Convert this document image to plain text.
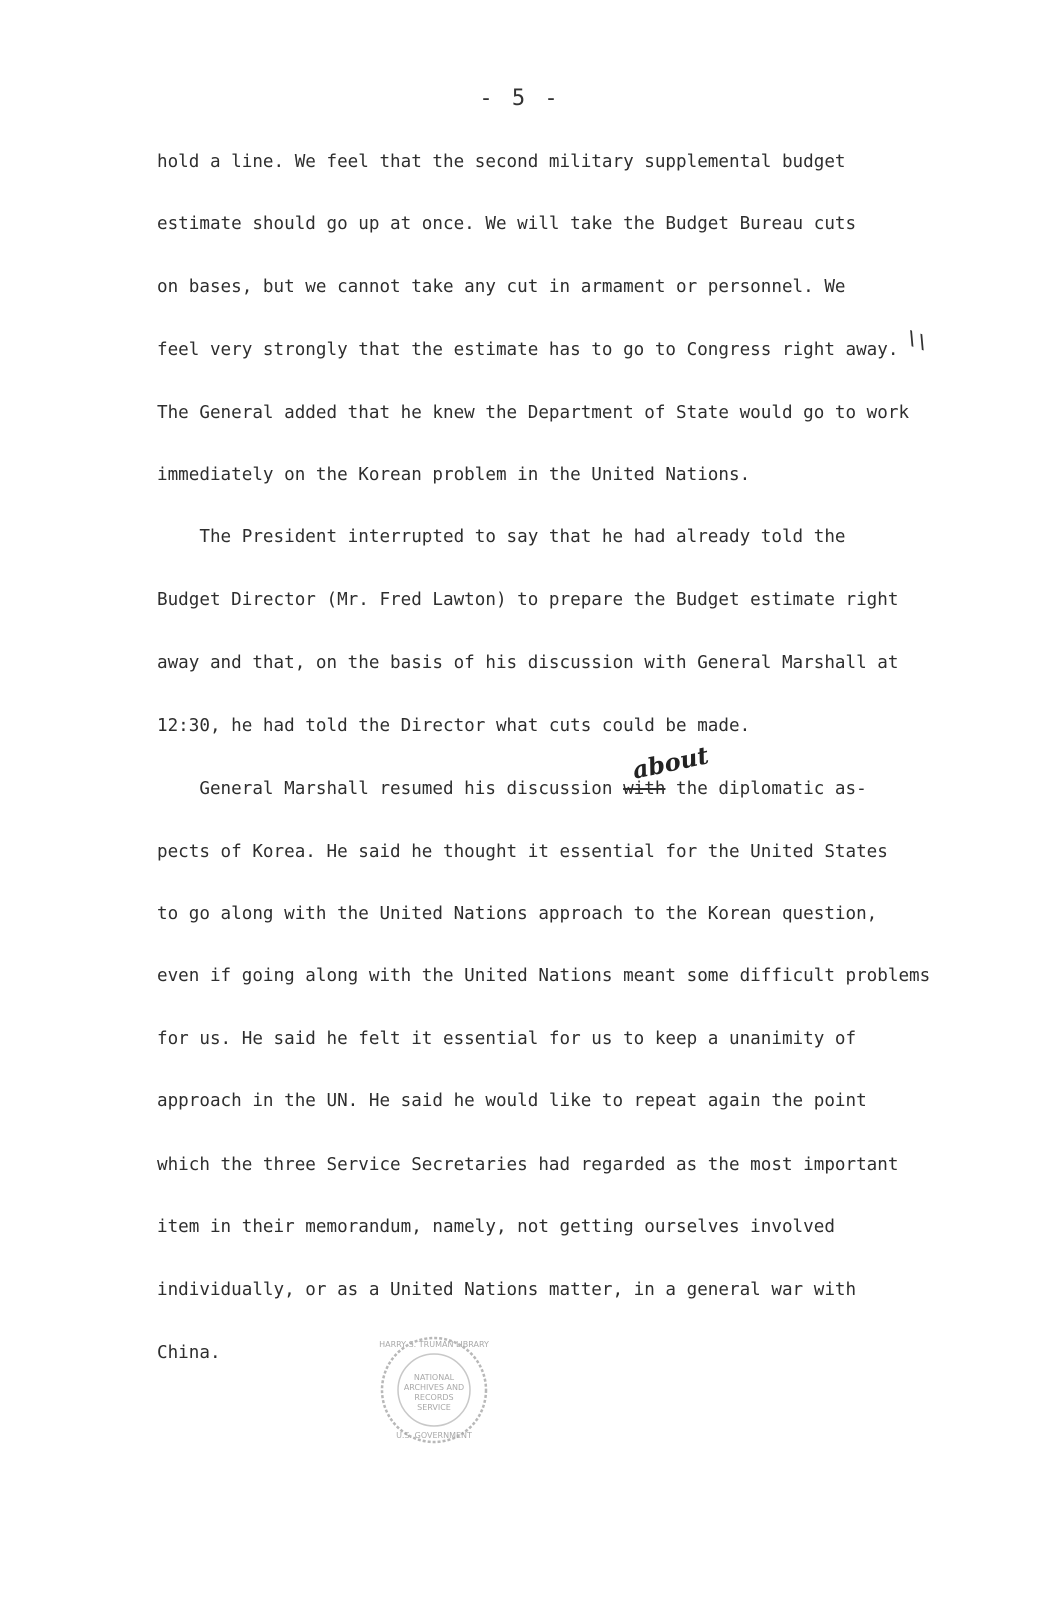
- 5 -
hold a line. We feel that the second military supplemental budget
estimate should go up at once. We will take the Budget Bureau cuts
on bases, but we cannot take any cut in armament or personnel. We
feel very strongly that the estimate has to go to Congress right away.
The General added that he knew the Department of State would go to work
immediately on the Korean problem in the United Nations.
The President interrupted to say that he had already told the
Budget Director (Mr. Fred Lawton) to prepare the Budget estimate right
away and that, on the basis of his discussion with General Marshall at
12:30, he had told the Director what cuts could be made.
General Marshall resumed his discussion with the diplomatic as-
pects of Korea. He said he thought it essential for the United States
to go along with the United Nations approach to the Korean question,
even if going along with the United Nations meant some difficult problems
for us. He said he felt it essential for us to keep a unanimity of
approach in the UN. He said he would like to repeat again the point
which the three Service Secretaries had regarded as the most important
item in their memorandum, namely, not getting ourselves involved
individually, or as a United Nations matter, in a general war with
China.
about
\\
NATIONAL
ARCHIVES AND
RECORDS
SERVICE
HARRY S. TRUMAN LIBRARY
U.S. GOVERNMENT
